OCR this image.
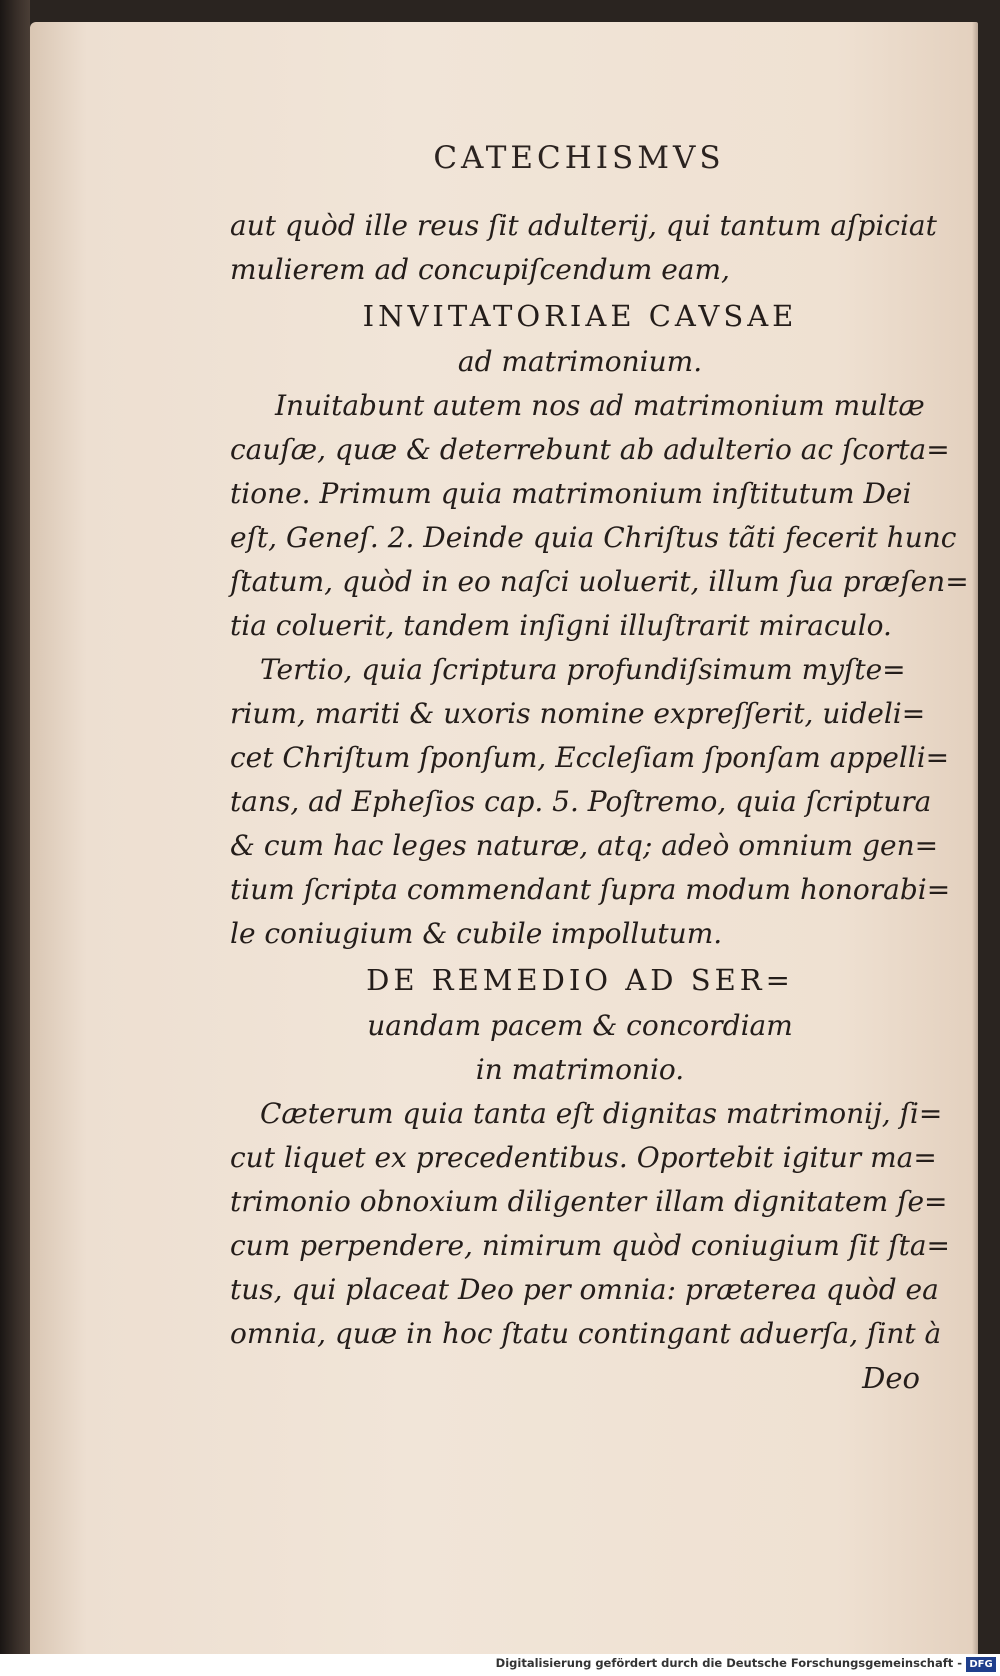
CATECHISMVS
aut quòd ille reus ſit adulterij, qui tantum aſpiciat
mulierem ad concupiſcendum eam,
INVITATORIAE CAVSAE
ad matrimonium.
Inuitabunt autem nos ad matrimonium multæ
cauſæ, quæ & deterrebunt ab adulterio ac ſcorta=
tione. Primum quia matrimonium inſtitutum Dei
eſt, Geneſ. 2. Deinde quia Chriſtus tãti fecerit hunc
ſtatum, quòd in eo naſci uoluerit, illum ſua præſen=
tia coluerit, tandem inſigni illuſtrarit miraculo.
Tertio, quia ſcriptura profundiſsimum myſte=
rium, mariti & uxoris nomine expreſſerit, uideli=
cet Chriſtum ſponſum, Eccleſiam ſponſam appelli=
tans, ad Epheſios cap. 5. Poſtremo, quia ſcriptura
& cum hac leges naturæ, atq; adeò omnium gen=
tium ſcripta commendant ſupra modum honorabi=
le coniugium & cubile impollutum.
DE REMEDIO AD SER=
uandam pacem & concordiam
in matrimonio.
Cæterum quia tanta eſt dignitas matrimonij, ſi=
cut liquet ex precedentibus. Oportebit igitur ma=
trimonio obnoxium diligenter illam dignitatem ſe=
cum perpendere, nimirum quòd coniugium ſit ſta=
tus, qui placeat Deo per omnia: præterea quòd ea
omnia, quæ in hoc ſtatu contingant aduerſa, ſint à
Deo
Digitalisierung gefördert durch die Deutsche Forschungsgemeinschaft - DFG
